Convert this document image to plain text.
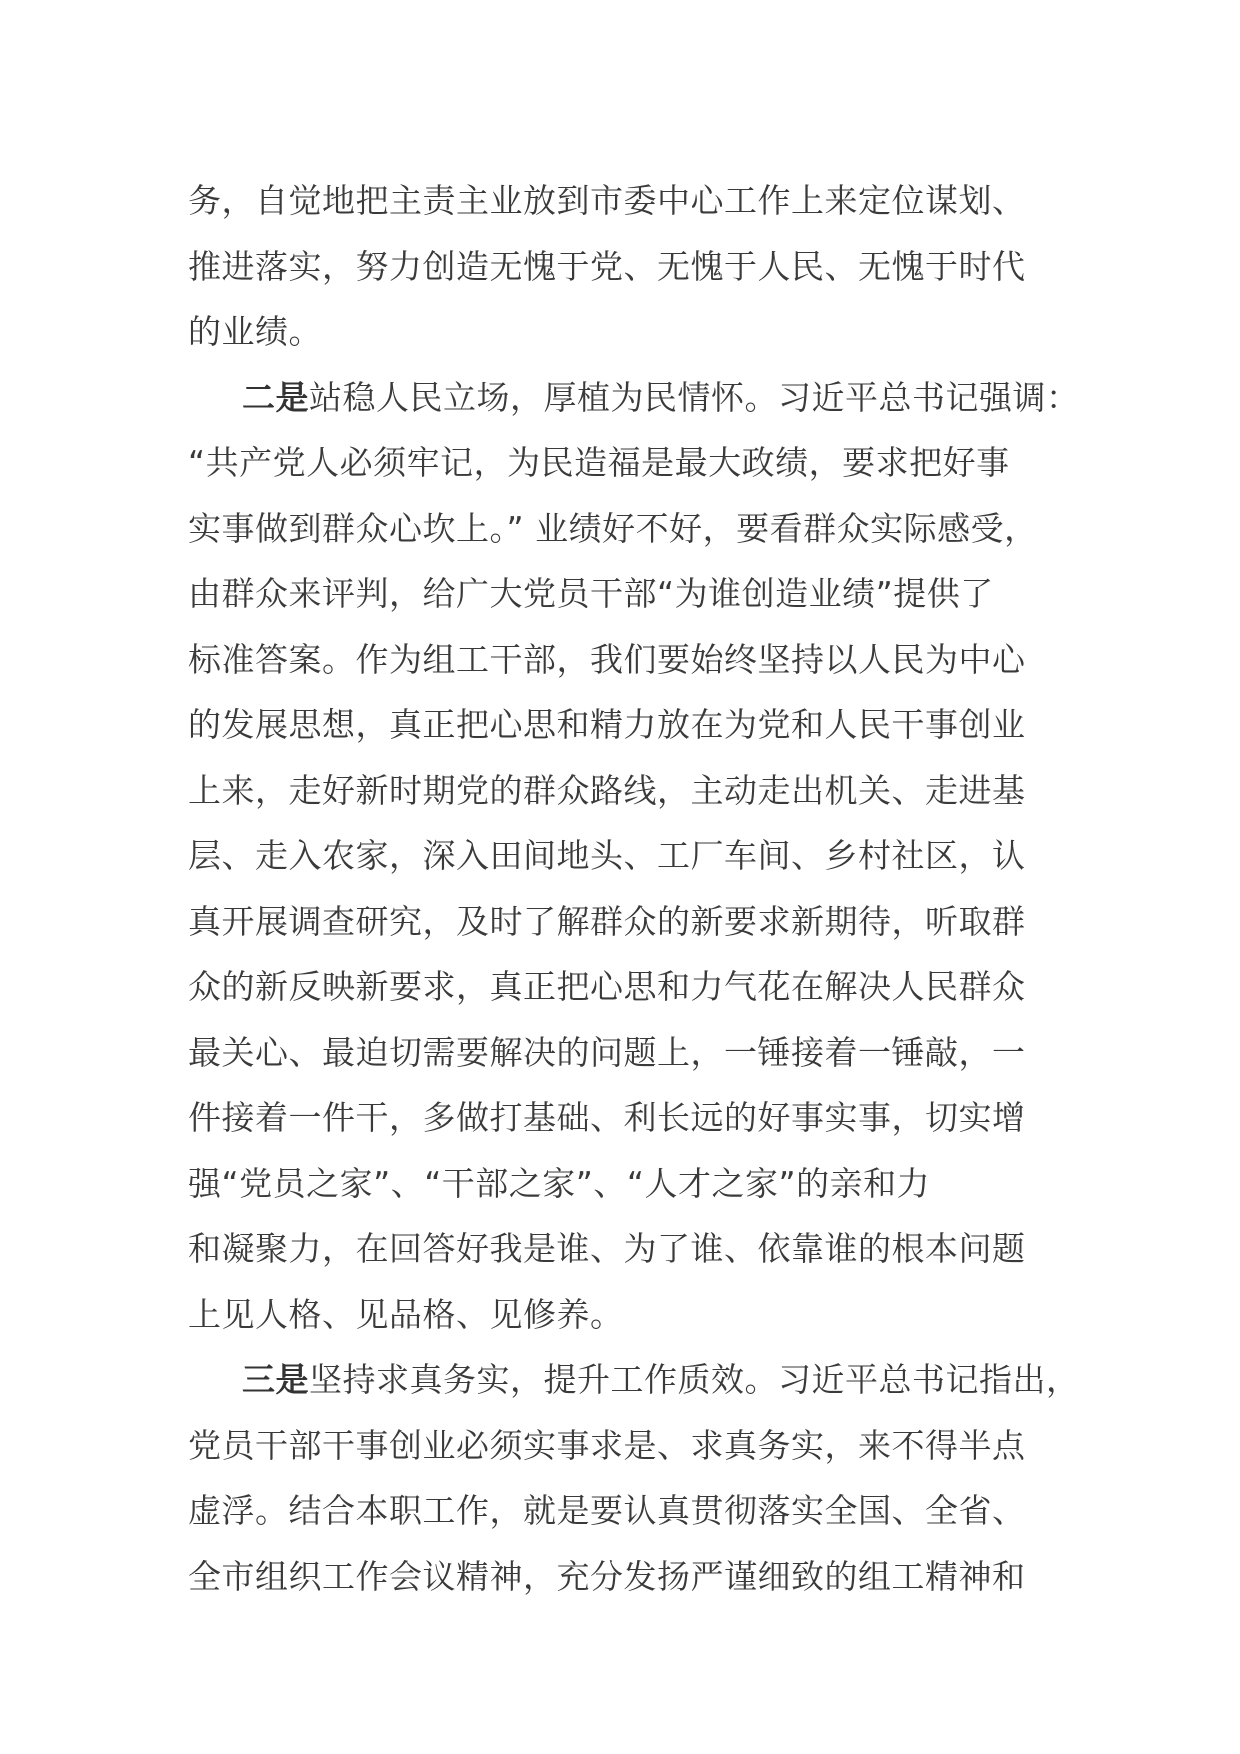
务，自觉地把主责主业放到市委中心工作上来定位谋划、
推进落实，努力创造无愧于党、无愧于人民、无愧于时代
的业绩。
二是站稳人民立场，厚植为民情怀。习近平总书记强调：
“共产党人必须牢记，为民造福是最大政绩，要求把好事
实事做到群众心坎上。” 业绩好不好，要看群众实际感受，
由群众来评判，给广大党员干部“为谁创造业绩”提供了
标准答案。作为组工干部，我们要始终坚持以人民为中心
的发展思想，真正把心思和精力放在为党和人民干事创业
上来，走好新时期党的群众路线，主动走出机关、走进基
层、走入农家，深入田间地头、工厂车间、乡村社区，认
真开展调查研究，及时了解群众的新要求新期待，听取群
众的新反映新要求，真正把心思和力气花在解决人民群众
最关心、最迫切需要解决的问题上，一锤接着一锤敲，一
件接着一件干，多做打基础、利长远的好事实事，切实增
强“党员之家”、“干部之家”、“人才之家”的亲和力
和凝聚力，在回答好我是谁、为了谁、依靠谁的根本问题
上见人格、见品格、见修养。
三是坚持求真务实，提升工作质效。习近平总书记指出，
党员干部干事创业必须实事求是、求真务实，来不得半点
虚浮。结合本职工作，就是要认真贯彻落实全国、全省、
全市组织工作会议精神，充分发扬严谨细致的组工精神和
